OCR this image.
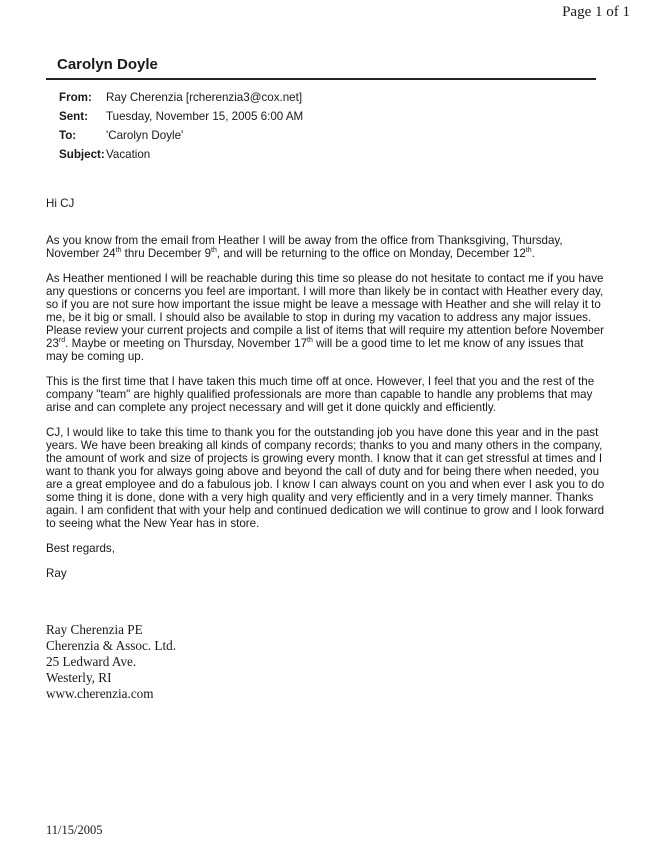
Page 1 of 1
Carolyn Doyle
From:	Ray Cherenzia [rcherenzia3@cox.net]
Sent:	Tuesday, November 15, 2005 6:00 AM
To:	'Carolyn Doyle'
Subject: Vacation

Hi CJ

As you know from the email from Heather I will be away from the office from Thanksgiving, Thursday, November 24th thru December 9th, and will be returning to the office on Monday, December 12th.

As Heather mentioned I will be reachable during this time so please do not hesitate to contact me if you have any questions or concerns you feel are important. I will more than likely be in contact with Heather every day, so if you are not sure how important the issue might be leave a message with Heather and she will relay it to me, be it big or small. I should also be available to stop in during my vacation to address any major issues. Please review your current projects and compile a list of items that will require my attention before November 23rd. Maybe or meeting on Thursday, November 17th will be a good time to let me know of any issues that may be coming up.

This is the first time that I have taken this much time off at once. However, I feel that you and the rest of the company "team" are highly qualified professionals are more than capable to handle any problems that may arise and can complete any project necessary and will get it done quickly and efficiently.

CJ, I would like to take this time to thank you for the outstanding job you have done this year and in the past years. We have been breaking all kinds of company records; thanks to you and many others in the company, the amount of work and size of projects is growing every month. I know that it can get stressful at times and I want to thank you for always going above and beyond the call of duty and for being there when needed, you are a great employee and do a fabulous job. I know I can always count on you and when ever I ask you to do some thing it is done, done with a very high quality and very efficiently and in a very timely manner. Thanks again. I am confident that with your help and continued dedication we will continue to grow and I look forward to seeing what the New Year has in store.

Best regards,

Ray

Ray Cherenzia PE
Cherenzia & Assoc. Ltd.
25 Ledward Ave.
Westerly, RI
www.cherenzia.com
11/15/2005
